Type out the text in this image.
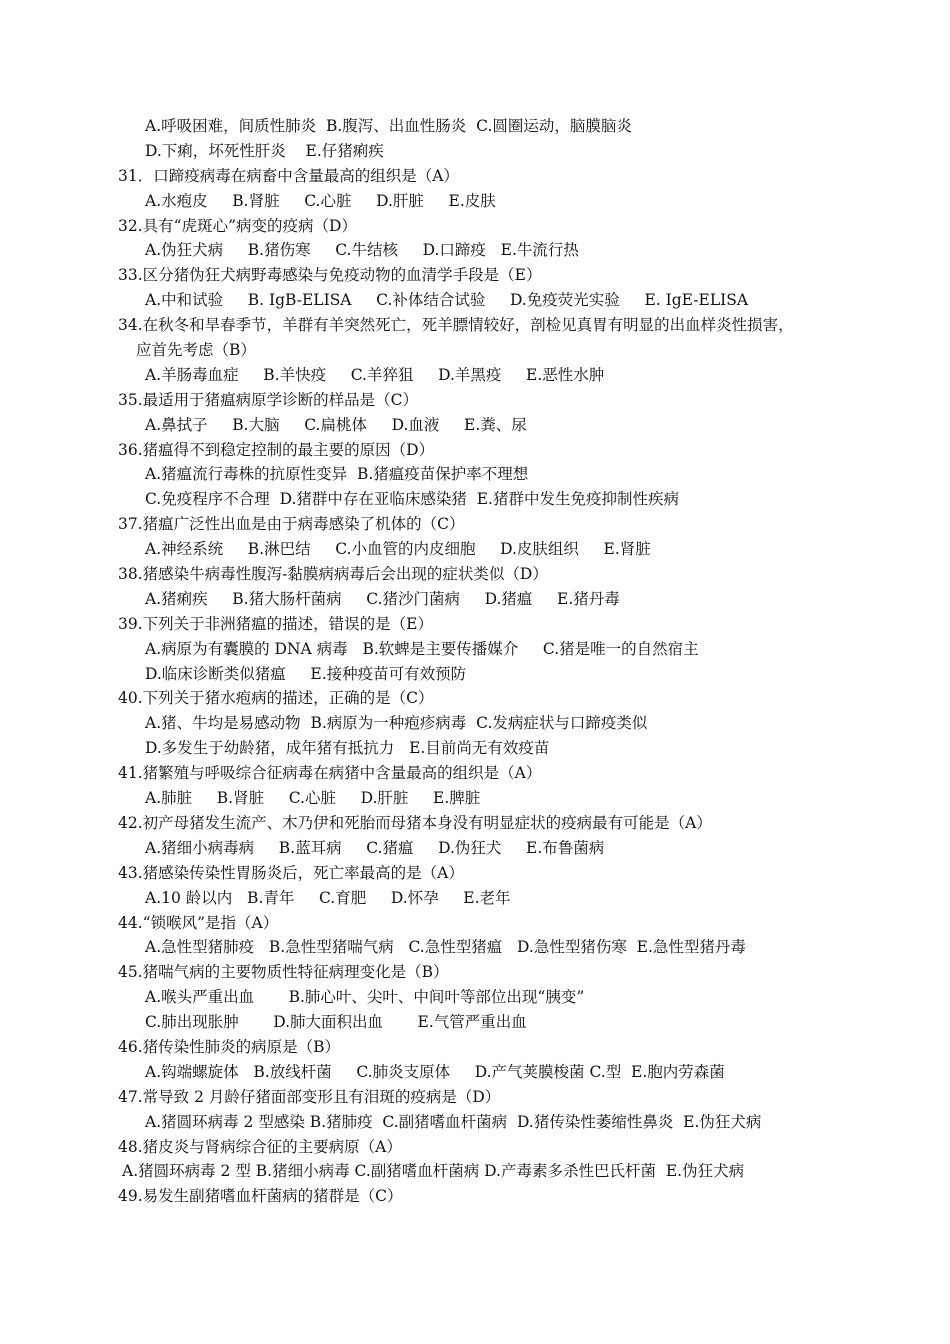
A.呼吸困难，间质性肺炎  B.腹泻、出血性肠炎  C.圆圈运动，脑膜脑炎
D.下痢，坏死性肝炎    E.仔猪痢疾
31．口蹄疫病毒在病畜中含量最高的组织是（A）
A.水疱皮     B.肾脏     C.心脏     D.肝脏     E.皮肤
32.具有“虎斑心”病变的疫病（D）
A.伪狂犬病     B.猪伤寒     C.牛结核     D.口蹄疫   E.牛流行热
33.区分猪伪狂犬病野毒感染与免疫动物的血清学手段是（E）
A.中和试验     B. IgB-ELISA     C.补体结合试验     D.免疫荧光实验     E. IgE-ELISA
34.在秋冬和旱春季节，羊群有羊突然死亡，死羊膘情较好，剖检见真胃有明显的出血样炎性损害，
应首先考虑（B）
A.羊肠毒血症     B.羊快疫     C.羊猝狙     D.羊黑疫     E.恶性水肿
35.最适用于猪瘟病原学诊断的样品是（C）
A.鼻拭子     B.大脑     C.扁桃体     D.血液     E.粪、尿
36.猪瘟得不到稳定控制的最主要的原因（D）
A.猪瘟流行毒株的抗原性变异  B.猪瘟疫苗保护率不理想
C.免疫程序不合理  D.猪群中存在亚临床感染猪  E.猪群中发生免疫抑制性疾病
37.猪瘟广泛性出血是由于病毒感染了机体的（C）
A.神经系统     B.淋巴结     C.小血管的内皮细胞     D.皮肤组织     E.肾脏
38.猪感染牛病毒性腹泻-黏膜病病毒后会出现的症状类似（D）
A.猪痢疾     B.猪大肠杆菌病     C.猪沙门菌病     D.猪瘟     E.猪丹毒
39.下列关于非洲猪瘟的描述，错误的是（E）
A.病原为有囊膜的 DNA 病毒   B.软蜱是主要传播媒介     C.猪是唯一的自然宿主
D.临床诊断类似猪瘟     E.接种疫苗可有效预防
40.下列关于猪水疱病的描述，正确的是（C）
A.猪、牛均是易感动物  B.病原为一种疱疹病毒  C.发病症状与口蹄疫类似
D.多发生于幼龄猪，成年猪有抵抗力   E.目前尚无有效疫苗
41.猪繁殖与呼吸综合征病毒在病猪中含量最高的组织是（A）
A.肺脏     B.肾脏     C.心脏     D.肝脏     E.脾脏
42.初产母猪发生流产、木乃伊和死胎而母猪本身没有明显症状的疫病最有可能是（A）
A.猪细小病毒病     B.蓝耳病     C.猪瘟     D.伪狂犬     E.布鲁菌病
43.猪感染传染性胃肠炎后，死亡率最高的是（A）
A.10 龄以内   B.青年     C.育肥     D.怀孕     E.老年
44.“锁喉风”是指（A）
A.急性型猪肺疫   B.急性型猪喘气病   C.急性型猪瘟   D.急性型猪伤寒  E.急性型猪丹毒
45.猪喘气病的主要物质性特征病理变化是（B）
A.喉头严重出血       B.肺心叶、尖叶、中间叶等部位出现“胰变”
C.肺出现胀肿       D.肺大面积出血       E.气管严重出血
46.猪传染性肺炎的病原是（B）
A.钩端螺旋体   B.放线杆菌     C.肺炎支原体     D.产气荚膜梭菌 C.型  E.胞内劳森菌
47.常导致 2 月龄仔猪面部变形且有泪斑的疫病是（D）
A.猪圆环病毒 2 型感染 B.猪肺疫  C.副猪嗜血杆菌病  D.猪传染性萎缩性鼻炎  E.伪狂犬病
48.猪皮炎与肾病综合征的主要病原（A）
A.猪圆环病毒 2 型 B.猪细小病毒 C.副猪嗜血杆菌病 D.产毒素多杀性巴氏杆菌  E.伪狂犬病
49.易发生副猪嗜血杆菌病的猪群是（C）
